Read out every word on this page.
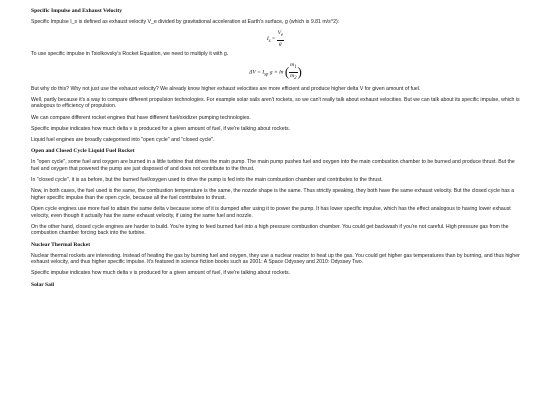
Specific Impulse and Exhaust Velocity

Specific Impulse I_s is defined as exhaust velocity V_e divided by gravitational acceleration at Earth's surface, g (which is 9.81 m/s^2):

$I_s = \frac{V_e}{g}$

To use specific impulse in Tsiolkovsky's Rocket Equation, we need to multiply it with g.

$\Delta V = I_{sp}$ g × ln ( $\frac{m_1}{m_2}$ )

But why do this? Why not just use the exhaust velocity? We already know higher exhaust velocities are more efficient and produce higher delta V for given amount of fuel.

Well, partly because it's a way to compare different propulsion technologies. For example solar sails aren't rockets, so we can't really talk about exhaust velocities. But we can talk about its specific impulse, which is analogous to efficiency of propulsion.

We can compare different rocket engines that have different fuel/oxidizer pumping technologies.

Specific impulse indicates how much delta v is produced for a given amount of fuel, if we're talking about rockets.

Liquid fuel engines are broadly categorised into "open cycle" and "closed cycle".

Open and Closed Cycle Liquid Fuel Rocket

In "open cycle", some fuel and oxygen are burned in a little turbine that drives the main pump. The main pump pushes fuel and oxygen into the main combustion chamber to be burned and produce thrust. But the fuel and oxygen that powered the pump are just disposed of and does not contribute to the thrust.

In "closed cycle", it is as before, but the burned fuel/oxygen used to drive the pump is fed into the main combustion chamber and contributes to the thrust.

Now, in both cases, the fuel used is the same, the combustion temperature is the same, the nozzle shape is the same. Thus strictly speaking, they both have the same exhaust velocity. But the closed cycle has a higher specific impulse than the open cycle, because all the fuel contributes to thrust.

Open cycle engines use more fuel to attain the same delta v because some of it is dumped after using it to power the pump. It has lower specific impulse, which has the effect analogous to having lower exhaust velocity, even though it actually has the same exhaust velocity, if using the same fuel and nozzle.

On the other hand, closed cycle engines are harder to build. You're trying to feed burned fuel into a high pressure combustion chamber. You could get backwash if you're not careful. High pressure gas from the combustion chamber forcing back into the turbine.

Nuclear Thermal Rocket

Nuclear thermal rockets are interesting. Instead of heating the gas by burning fuel and oxygen, they use a nuclear reactor to heat up the gas. You could get higher gas temperatures than by burning, and thus higher exhaust velocity, and thus higher specific impulse. It's featured in science fiction books such as 2001: A Space Odyssey and 2010: Odyssey Two.

Specific impulse indicates how much delta v is produced for a given amount of fuel, if we're talking about rockets.

Solar Sail
